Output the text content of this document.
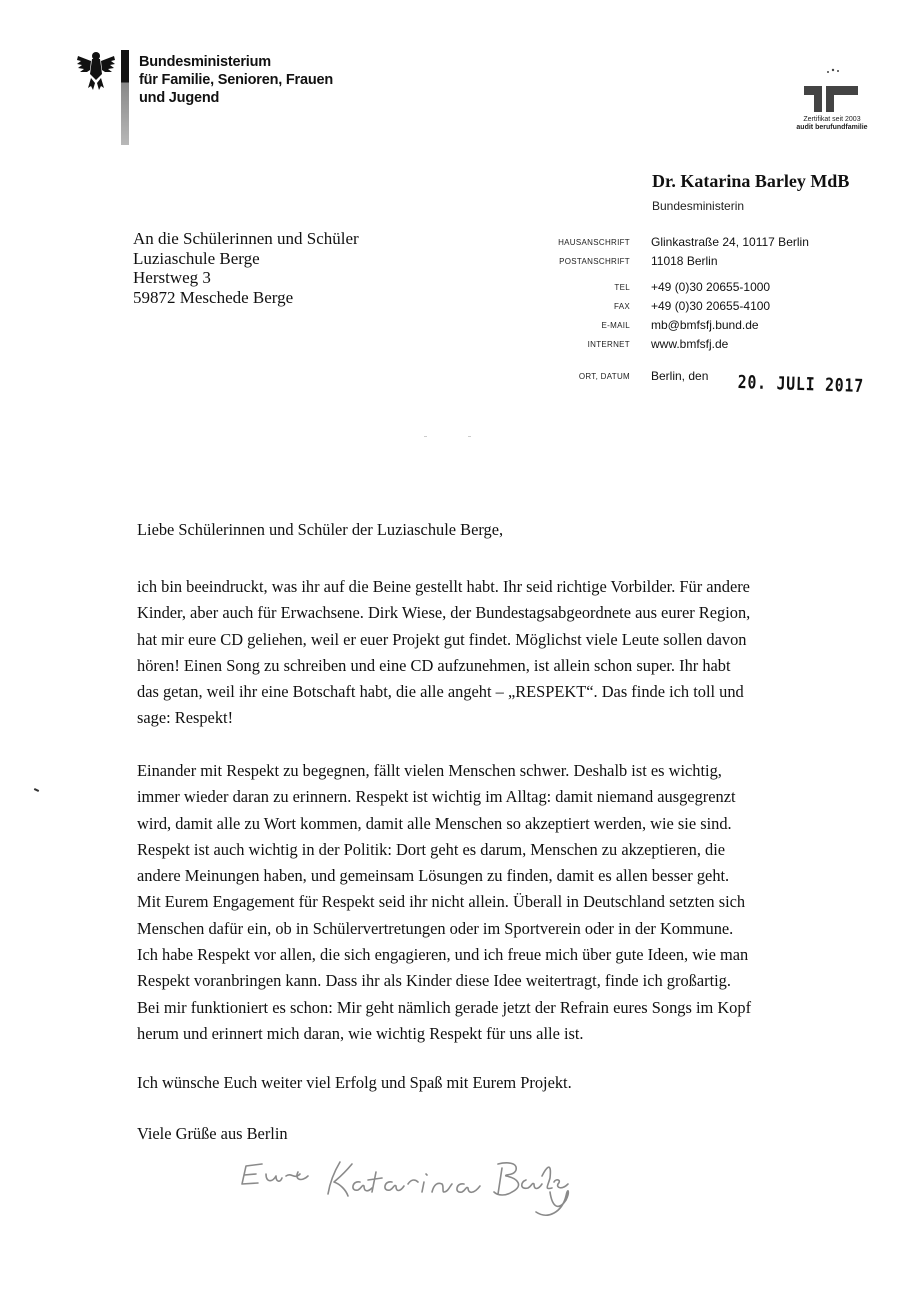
Bundesministerium
für Familie, Senioren, Frauen
und Jugend
Zertifikat seit 2003
audit berufundfamilie
Dr. Katarina Barley MdB
Bundesministerin
An die Schülerinnen und Schüler
Luziaschule Berge
Herstweg 3
59872 Meschede Berge
HAUSANSCHRIFT Glinkastraße 24, 10117 Berlin
POSTANSCHRIFT 11018 Berlin
TEL +49 (0)30 20655-1000
FAX +49 (0)30 20655-4100
E-MAIL mb@bmfsfj.bund.de
INTERNET www.bmfsfj.de
ORT, DATUM Berlin, den 20. JULI 2017
Liebe Schülerinnen und Schüler der Luziaschule Berge,
ich bin beeindruckt, was ihr auf die Beine gestellt habt. Ihr seid richtige Vorbilder. Für andere
Kinder, aber auch für Erwachsene. Dirk Wiese, der Bundestagsabgeordnete aus eurer Region,
hat mir eure CD geliehen, weil er euer Projekt gut findet. Möglichst viele Leute sollen davon
hören! Einen Song zu schreiben und eine CD aufzunehmen, ist allein schon super. Ihr habt
das getan, weil ihr eine Botschaft habt, die alle angeht – „RESPEKT“. Das finde ich toll und
sage: Respekt!
Einander mit Respekt zu begegnen, fällt vielen Menschen schwer. Deshalb ist es wichtig,
immer wieder daran zu erinnern. Respekt ist wichtig im Alltag: damit niemand ausgegrenzt
wird, damit alle zu Wort kommen, damit alle Menschen so akzeptiert werden, wie sie sind.
Respekt ist auch wichtig in der Politik: Dort geht es darum, Menschen zu akzeptieren, die
andere Meinungen haben, und gemeinsam Lösungen zu finden, damit es allen besser geht.
Mit Eurem Engagement für Respekt seid ihr nicht allein. Überall in Deutschland setzten sich
Menschen dafür ein, ob in Schülervertretungen oder im Sportverein oder in der Kommune.
Ich habe Respekt vor allen, die sich engagieren, und ich freue mich über gute Ideen, wie man
Respekt voranbringen kann. Dass ihr als Kinder diese Idee weitertragt, finde ich großartig.
Bei mir funktioniert es schon: Mir geht nämlich gerade jetzt der Refrain eures Songs im Kopf
herum und erinnert mich daran, wie wichtig Respekt für uns alle ist.
Ich wünsche Euch weiter viel Erfolg und Spaß mit Eurem Projekt.
Viele Grüße aus Berlin
